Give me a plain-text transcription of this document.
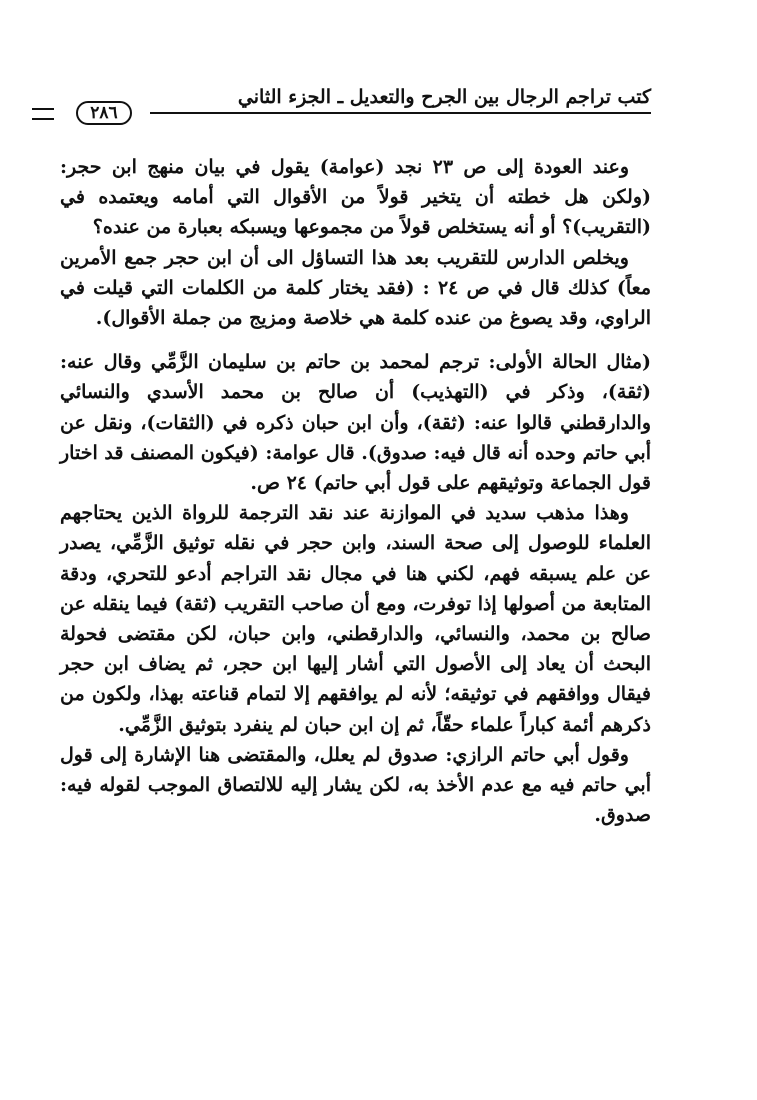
كتب تراجم الرجال بين الجرح والتعديل ـ الجزء الثاني
٢٨٦

وعند العودة إلى ص ٢٣ نجد (عوامة) يقول في بيان منهج ابن حجر: (ولكن هل خطته أن يتخير قولاً من الأقوال التي أمامه ويعتمده في (التقريب)؟ أو أنه يستخلص قولاً من مجموعها ويسبكه بعبارة من عنده؟

ويخلص الدارس للتقريب بعد هذا التساؤل الى أن ابن حجر جمع الأمرين معاً) كذلك قال في ص ٢٤ : (فقد يختار كلمة من الكلمات التي قيلت في الراوي، وقد يصوغ من عنده كلمة هي خلاصة ومزيج من جملة الأقوال).

(مثال الحالة الأولى: ترجم لمحمد بن حاتم بن سليمان الزَّمِّي وقال عنه: (ثقة)، وذكر في (التهذيب) أن صالح بن محمد الأسدي والنسائي والدارقطني قالوا عنه: (ثقة)، وأن ابن حبان ذكره في (الثقات)، ونقل عن أبي حاتم وحده أنه قال فيه: صدوق). قال عوامة: (فيكون المصنف قد اختار قول الجماعة وتوثيقهم على قول أبي حاتم) ٢٤ ص.

وهذا مذهب سديد في الموازنة عند نقد الترجمة للرواة الذين يحتاجهم العلماء للوصول إلى صحة السند، وابن حجر في نقله توثيق الزَّمِّي، يصدر عن علم يسبقه فهم، لكني هنا في مجال نقد التراجم أدعو للتحري، ودقة المتابعة من أصولها إذا توفرت، ومع أن صاحب التقريب (ثقة) فيما ينقله عن صالح بن محمد، والنسائي، والدارقطني، وابن حبان، لكن مقتضى فحولة البحث أن يعاد إلى الأصول التي أشار إليها ابن حجر، ثم يضاف ابن حجر فيقال ووافقهم في توثيقه؛ لأنه لم يوافقهم إلا لتمام قناعته بهذا، ولكون من ذكرهم أئمة كباراً علماء حقّاً، ثم إن ابن حبان لم ينفرد بتوثيق الزَّمِّي.

وقول أبي حاتم الرازي: صدوق لم يعلل، والمقتضى هنا الإشارة إلى قول أبي حاتم فيه مع عدم الأخذ به، لكن يشار إليه للالتصاق الموجب لقوله فيه: صدوق.
